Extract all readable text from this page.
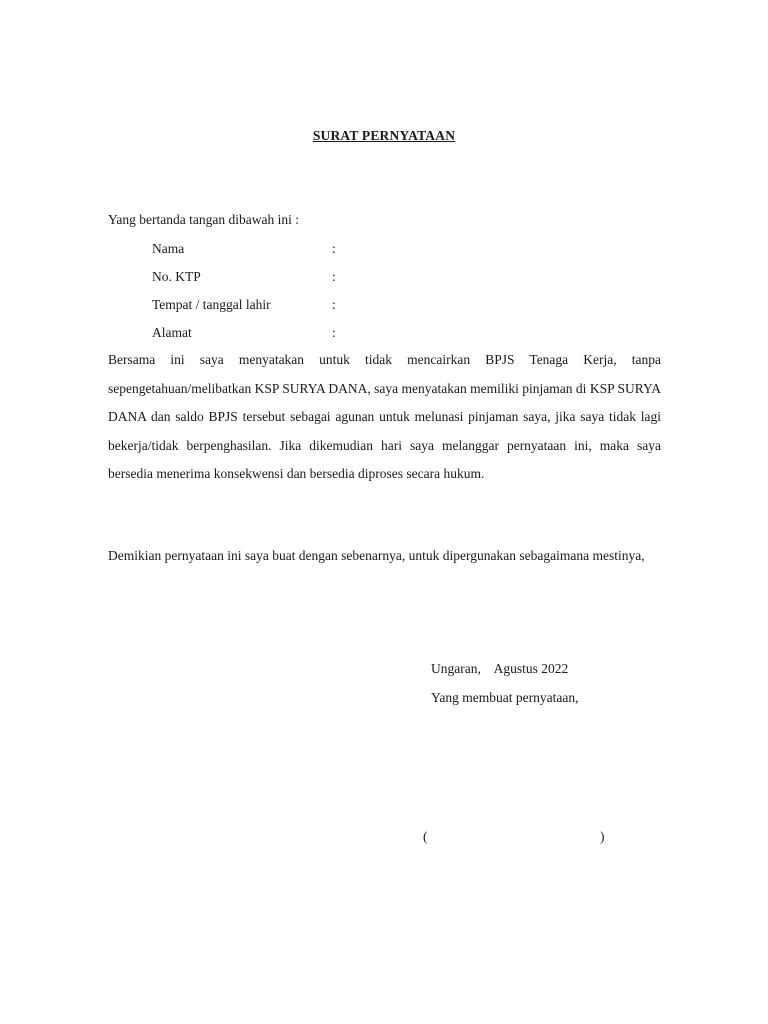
SURAT PERNYATAAN
Yang bertanda tangan dibawah ini :
Nama	:
No. KTP	:
Tempat / tanggal lahir	:
Alamat	:
Bersama ini saya menyatakan untuk tidak mencairkan BPJS Tenaga Kerja, tanpa sepengetahuan/melibatkan KSP SURYA DANA, saya menyatakan memiliki pinjaman di KSP SURYA DANA dan saldo BPJS tersebut sebagai agunan untuk melunasi pinjaman saya, jika saya tidak lagi bekerja/tidak berpenghasilan. Jika dikemudian hari saya melanggar pernyataan ini, maka saya bersedia menerima konsekwensi dan bersedia diproses secara hukum.
Demikian pernyataan ini saya buat dengan sebenarnya, untuk dipergunakan sebagaimana mestinya,
Ungaran,    Agustus 2022
Yang membuat pernyataan,
(	)
